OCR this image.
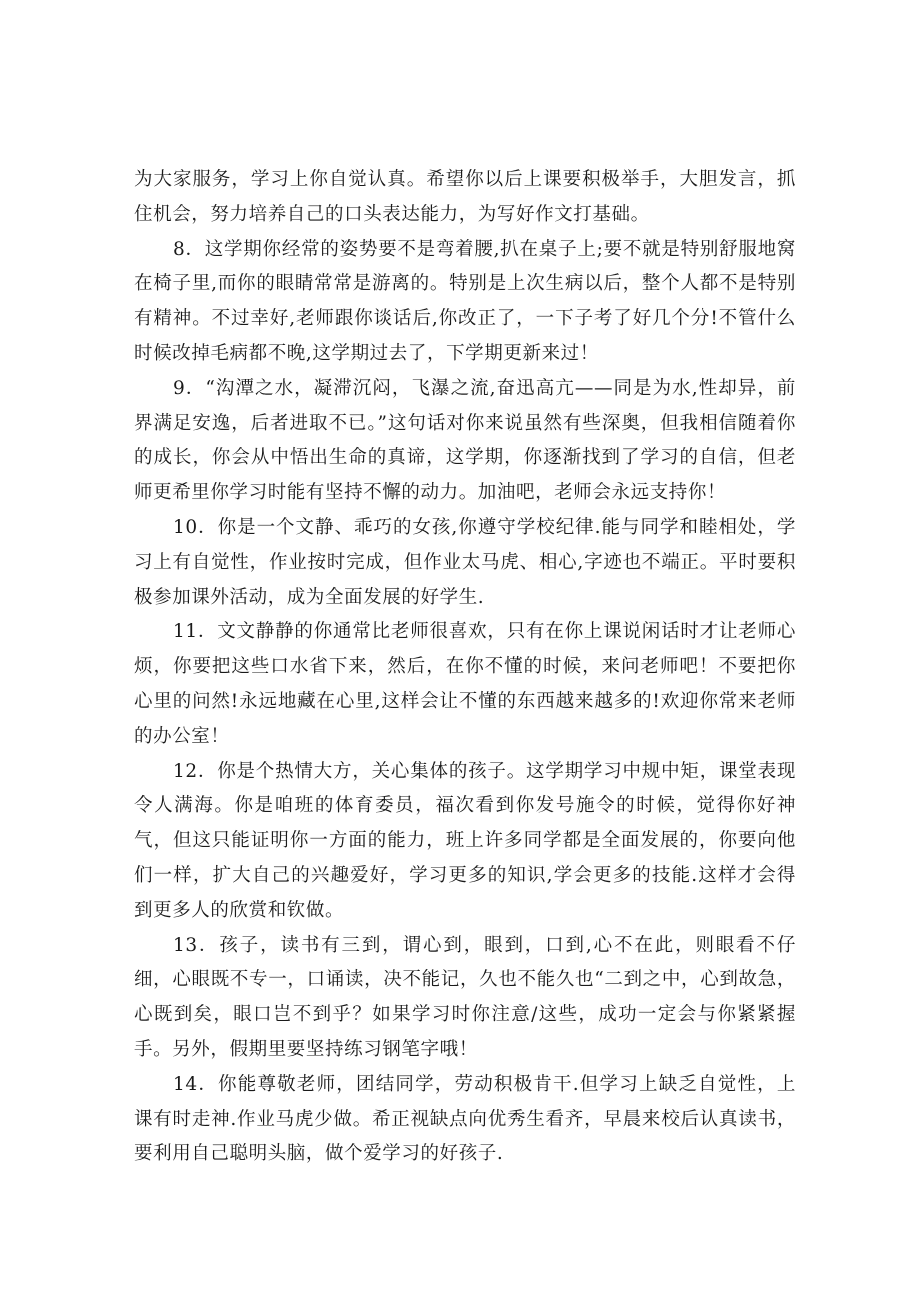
为大家服务，学习上你自觉认真。希望你以后上课要积极举手，大胆发言，抓住机会，努力培养自己的口头表达能力，为写好作文打基础。

8．这学期你经常的姿势要不是弯着腰,扒在桌子上;要不就是特别舒服地窝在椅子里,而你的眼睛常常是游离的。特别是上次生病以后，整个人都不是特别有精神。不过幸好,老师跟你谈话后,你改正了，一下子考了好几个分!不管什么时候改掉毛病都不晚,这学期过去了，下学期更新来过！

9．“沟潭之水，凝滞沉闷，飞瀑之流,奋迅高亢——同是为水,性却异，前界满足安逸，后者进取不已。”这句话对你来说虽然有些深奥，但我相信随着你的成长，你会从中悟出生命的真谛，这学期，你逐渐找到了学习的自信，但老师更希里你学习时能有坚持不懈的动力。加油吧，老师会永远支持你！

10．你是一个文静、乖巧的女孩,你遵守学校纪律.能与同学和睦相处，学习上有自觉性，作业按时完成，但作业太马虎、相心,字迹也不端正。平时要积极参加课外活动，成为全面发展的好学生.

11．文文静静的你通常比老师很喜欢，只有在你上课说闲话时才让老师心烦，你要把这些口水省下来，然后，在你不懂的时候，来问老师吧！不要把你心里的问然!永远地藏在心里,这样会让不懂的东西越来越多的!欢迎你常来老师的办公室！

12．你是个热情大方，关心集体的孩子。这学期学习中规中矩，课堂表现令人满海。你是咱班的体育委员，福次看到你发号施令的时候，觉得你好神气，但这只能证明你一方面的能力，班上许多同学都是全面发展的，你要向他们一样，扩大自己的兴趣爱好，学习更多的知识,学会更多的技能.这样才会得到更多人的欣赏和钦做。

13．孩子，读书有三到，谓心到，眼到，口到,心不在此，则眼看不仔细，心眼既不专一，口诵读，决不能记，久也不能久也“二到之中，心到故急，心既到矣，眼口岂不到乎？如果学习时你注意/这些，成功一定会与你紧紧握手。另外，假期里要坚持练习钢笔字哦！

14．你能尊敬老师，团结同学，劳动积极肯干.但学习上缺乏自觉性，上课有时走神.作业马虎少做。希正视缺点向优秀生看齐，早晨来校后认真读书，要利用自己聪明头脑，做个爱学习的好孩子.
